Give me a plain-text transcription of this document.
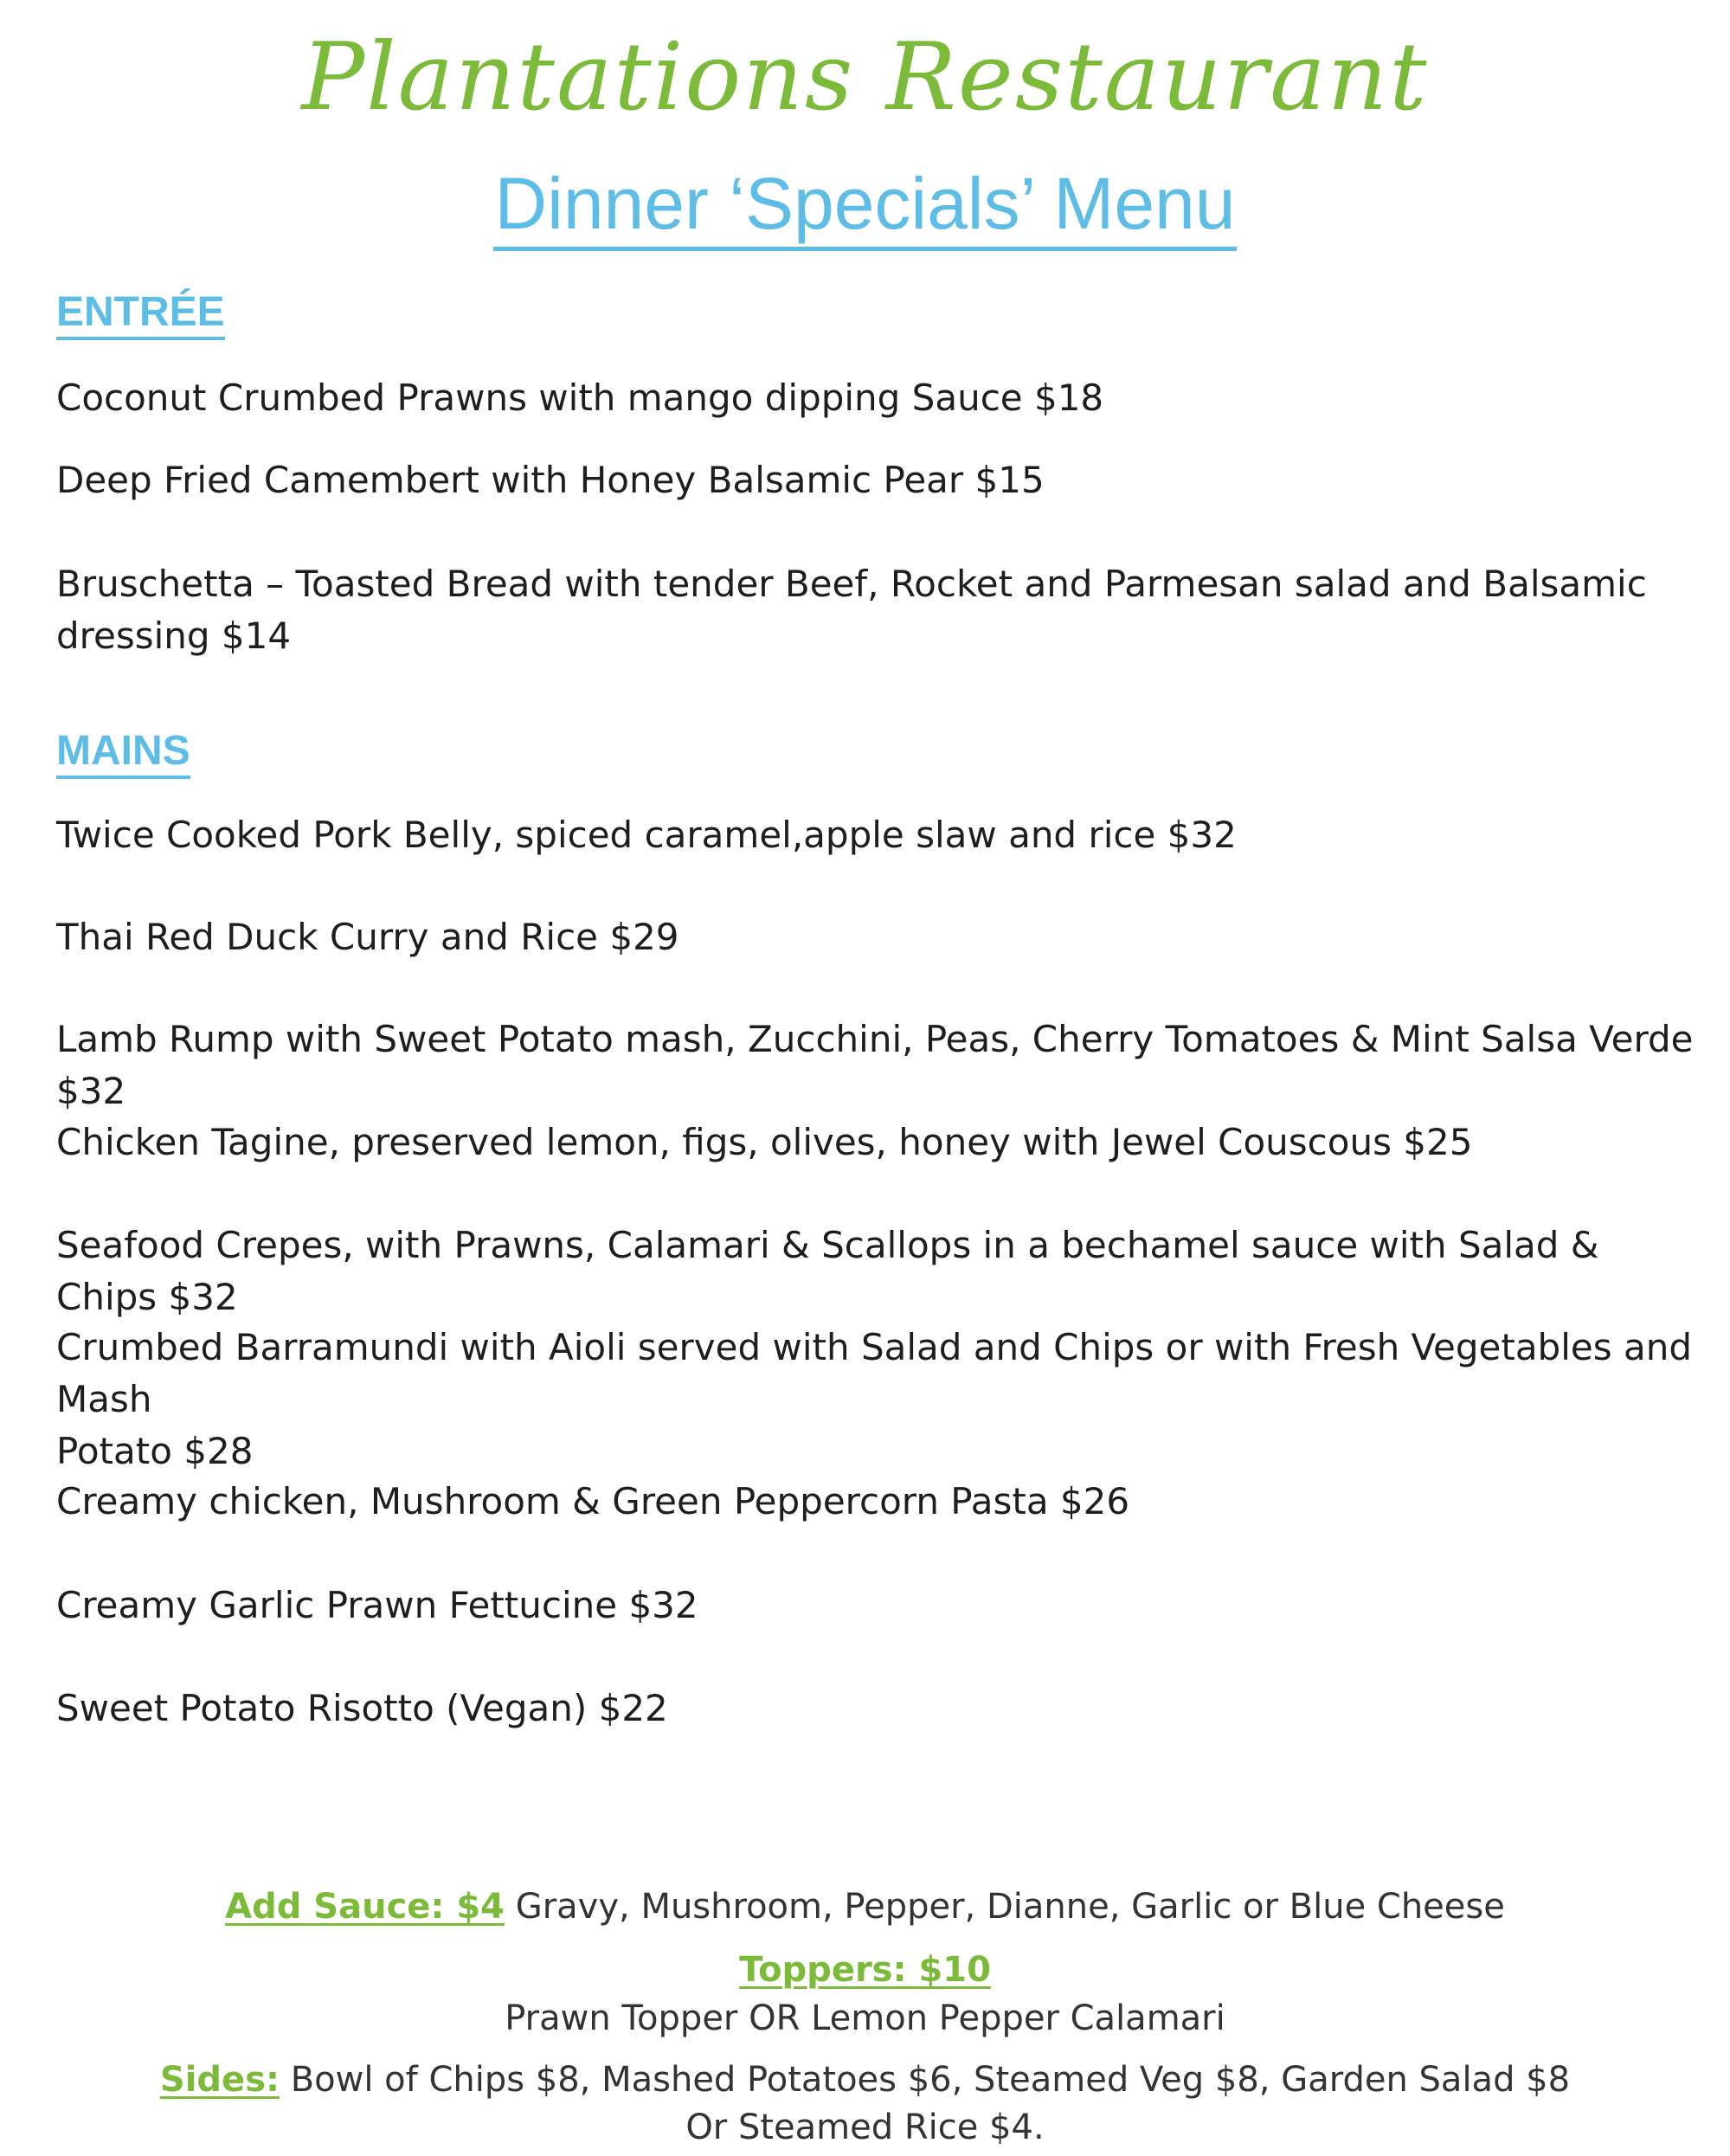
Plantations Restaurant
Dinner ‘Specials’ Menu
ENTRÉE
Coconut Crumbed Prawns with mango dipping Sauce $18
Deep Fried Camembert with Honey Balsamic Pear $15
Bruschetta – Toasted Bread with tender Beef, Rocket and Parmesan salad and Balsamic
dressing $14
MAINS
Twice Cooked Pork Belly, spiced caramel,apple slaw and rice $32
Thai Red Duck Curry and Rice $29
Lamb Rump with Sweet Potato mash, Zucchini, Peas, Cherry Tomatoes & Mint Salsa Verde $32
Chicken Tagine, preserved lemon, figs, olives, honey with Jewel Couscous $25
Seafood Crepes, with Prawns, Calamari & Scallops in a bechamel sauce with Salad & Chips $32
Crumbed Barramundi with Aioli served with Salad and Chips or with Fresh Vegetables and Mash
Potato $28
Creamy chicken, Mushroom & Green Peppercorn Pasta $26
Creamy Garlic Prawn Fettucine $32
Sweet Potato Risotto (Vegan) $22
Add Sauce: $4 Gravy, Mushroom, Pepper, Dianne, Garlic or Blue Cheese
Toppers: $10
Prawn Topper OR Lemon Pepper Calamari
Sides: Bowl of Chips $8, Mashed Potatoes $6, Steamed Veg $8, Garden Salad $8
Or Steamed Rice $4.
